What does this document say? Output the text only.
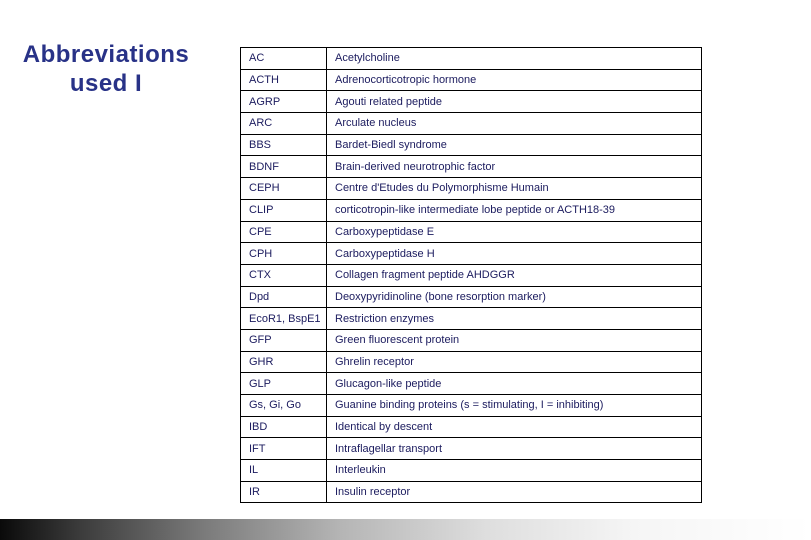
Abbreviations
used I
AC	Acetylcholine
ACTH	Adrenocorticotropic hormone
AGRP	Agouti related peptide
ARC	Arculate nucleus
BBS	Bardet-Biedl syndrome
BDNF	Brain-derived neurotrophic factor
CEPH	Centre d'Etudes du Polymorphisme Humain
CLIP	corticotropin-like intermediate lobe peptide or ACTH18-39
CPE	Carboxypeptidase E
CPH	Carboxypeptidase H
CTX	Collagen fragment peptide AHDGGR
Dpd	Deoxypyridinoline (bone resorption marker)
EcoR1, BspE1	Restriction enzymes
GFP	Green fluorescent protein
GHR	Ghrelin receptor
GLP	Glucagon-like peptide
Gs, Gi, Go	Guanine binding proteins (s = stimulating, I = inhibiting)
IBD	Identical by descent
IFT	Intraflagellar transport
IL	Interleukin
IR	Insulin receptor
